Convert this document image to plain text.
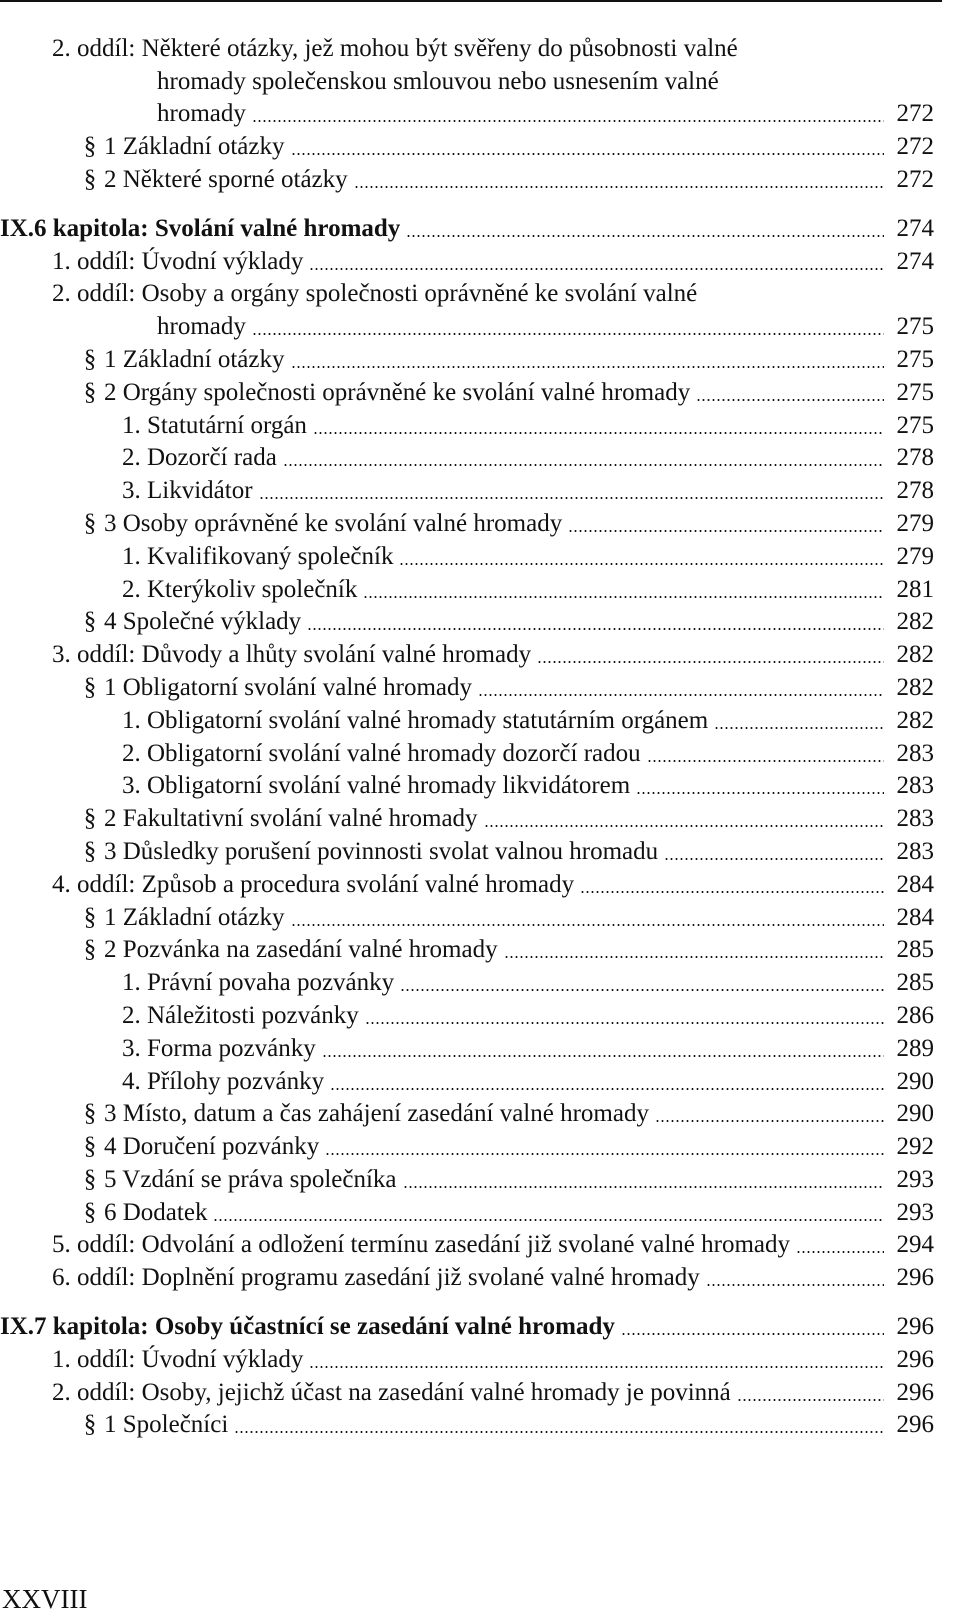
2. oddíl: Některé otázky, jež mohou být svěřeny do působnosti valné
hromady společenskou smlouvou nebo usnesením valné
hromady	272
§ 1 Základní otázky	272
§ 2 Některé sporné otázky	272
IX.6 kapitola: Svolání valné hromady	274
1. oddíl: Úvodní výklady	274
2. oddíl: Osoby a orgány společnosti oprávněné ke svolání valné
hromady	275
§ 1 Základní otázky	275
§ 2 Orgány společnosti oprávněné ke svolání valné hromady	275
1. Statutární orgán	275
2. Dozorčí rada	278
3. Likvidátor	278
§ 3 Osoby oprávněné ke svolání valné hromady	279
1. Kvalifikovaný společník	279
2. Kterýkoliv společník	281
§ 4 Společné výklady	282
3. oddíl: Důvody a lhůty svolání valné hromady	282
§ 1 Obligatorní svolání valné hromady	282
1. Obligatorní svolání valné hromady statutárním orgánem	282
2. Obligatorní svolání valné hromady dozorčí radou	283
3. Obligatorní svolání valné hromady likvidátorem	283
§ 2 Fakultativní svolání valné hromady	283
§ 3 Důsledky porušení povinnosti svolat valnou hromadu	283
4. oddíl: Způsob a procedura svolání valné hromady	284
§ 1 Základní otázky	284
§ 2 Pozvánka na zasedání valné hromady	285
1. Právní povaha pozvánky	285
2. Náležitosti pozvánky	286
3. Forma pozvánky	289
4. Přílohy pozvánky	290
§ 3 Místo, datum a čas zahájení zasedání valné hromady	290
§ 4 Doručení pozvánky	292
§ 5 Vzdání se práva společníka	293
§ 6 Dodatek	293
5. oddíl: Odvolání a odložení termínu zasedání již svolané valné hromady	294
6. oddíl: Doplnění programu zasedání již svolané valné hromady	296
IX.7 kapitola: Osoby účastnící se zasedání valné hromady	296
1. oddíl: Úvodní výklady	296
2. oddíl: Osoby, jejichž účast na zasedání valné hromady je povinná	296
§ 1 Společníci	296
XXVIII
